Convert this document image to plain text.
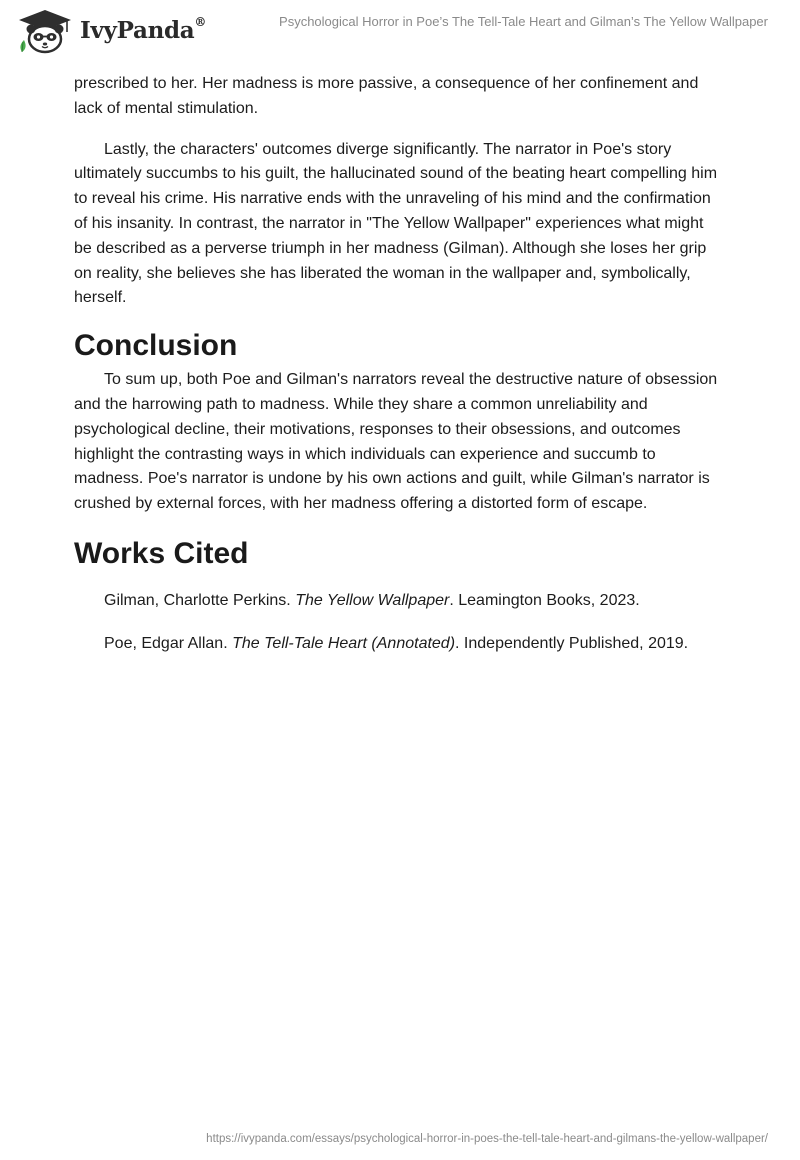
IvyPanda®	Psychological Horror in Poe’s The Tell-Tale Heart and Gilman’s The Yellow Wallpaper

prescribed to her. Her madness is more passive, a consequence of her confinement and lack of mental stimulation.

Lastly, the characters' outcomes diverge significantly. The narrator in Poe's story ultimately succumbs to his guilt, the hallucinated sound of the beating heart compelling him to reveal his crime. His narrative ends with the unraveling of his mind and the confirmation of his insanity. In contrast, the narrator in "The Yellow Wallpaper" experiences what might be described as a perverse triumph in her madness (Gilman). Although she loses her grip on reality, she believes she has liberated the woman in the wallpaper and, symbolically, herself.

Conclusion

To sum up, both Poe and Gilman's narrators reveal the destructive nature of obsession and the harrowing path to madness. While they share a common unreliability and psychological decline, their motivations, responses to their obsessions, and outcomes highlight the contrasting ways in which individuals can experience and succumb to madness. Poe's narrator is undone by his own actions and guilt, while Gilman's narrator is crushed by external forces, with her madness offering a distorted form of escape.

Works Cited

Gilman, Charlotte Perkins. The Yellow Wallpaper. Leamington Books, 2023.

Poe, Edgar Allan. The Tell-Tale Heart (Annotated). Independently Published, 2019.

https://ivypanda.com/essays/psychological-horror-in-poes-the-tell-tale-heart-and-gilmans-the-yellow-wallpaper/
